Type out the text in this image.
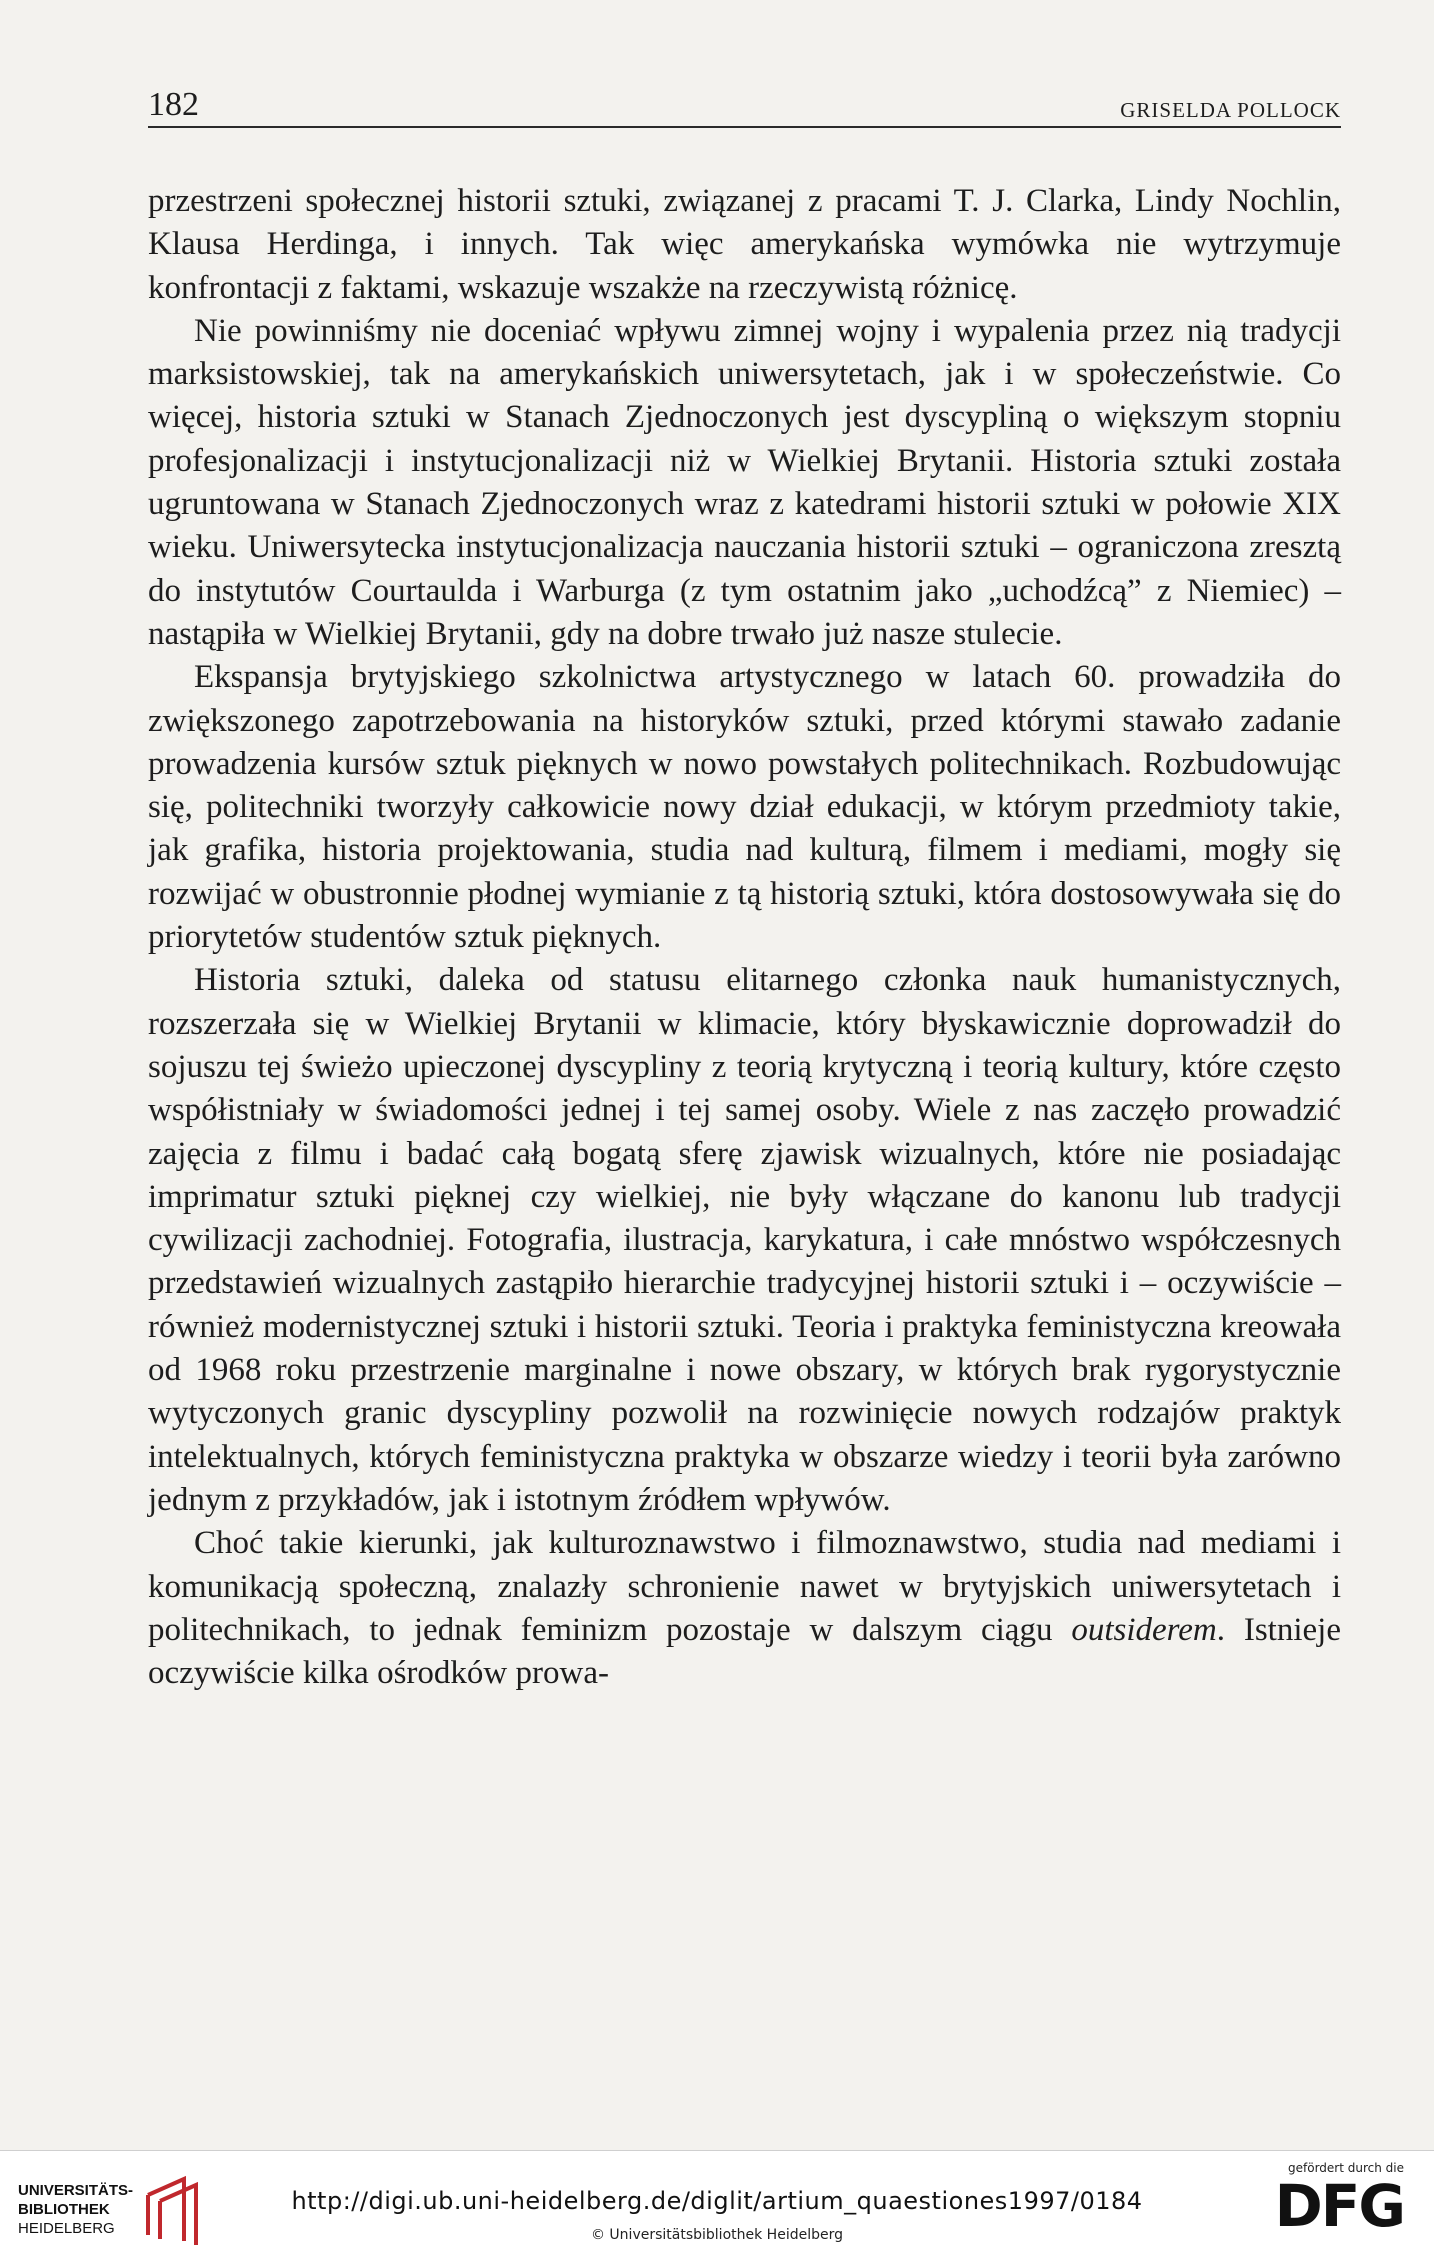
182	GRISELDA POLLOCK

przestrzeni społecznej historii sztuki, związanej z pracami T. J. Clarka, Lindy Nochlin, Klausa Herdinga, i innych. Tak więc amerykańska wymówka nie wytrzymuje konfrontacji z faktami, wskazuje wszakże na rzeczywistą różnicę.

Nie powinniśmy nie doceniać wpływu zimnej wojny i wypalenia przez nią tradycji marksistowskiej, tak na amerykańskich uniwersytetach, jak i w społeczeństwie. Co więcej, historia sztuki w Stanach Zjednoczonych jest dyscypliną o większym stopniu profesjonalizacji i instytucjonalizacji niż w Wielkiej Brytanii. Historia sztuki została ugruntowana w Stanach Zjednoczonych wraz z katedrami historii sztuki w połowie XIX wieku. Uniwersytecka instytucjonalizacja nauczania historii sztuki – ograniczona zresztą do instytutów Courtaulda i Warburga (z tym ostatnim jako „uchodźcą” z Niemiec) – nastąpiła w Wielkiej Brytanii, gdy na dobre trwało już nasze stulecie.

Ekspansja brytyjskiego szkolnictwa artystycznego w latach 60. prowadziła do zwiększonego zapotrzebowania na historyków sztuki, przed którymi stawało zadanie prowadzenia kursów sztuk pięknych w nowo powstałych politechnikach. Rozbudowując się, politechniki tworzyły całkowicie nowy dział edukacji, w którym przedmioty takie, jak grafika, historia projektowania, studia nad kulturą, filmem i mediami, mogły się rozwijać w obustronnie płodnej wymianie z tą historią sztuki, która dostosowywała się do priorytetów studentów sztuk pięknych.

Historia sztuki, daleka od statusu elitarnego członka nauk humanistycznych, rozszerzała się w Wielkiej Brytanii w klimacie, który błyskawicznie doprowadził do sojuszu tej świeżo upieczonej dyscypliny z teorią krytyczną i teorią kultury, które często współistniały w świadomości jednej i tej samej osoby. Wiele z nas zaczęło prowadzić zajęcia z filmu i badać całą bogatą sferę zjawisk wizualnych, które nie posiadając imprimatur sztuki pięknej czy wielkiej, nie były włączane do kanonu lub tradycji cywilizacji zachodniej. Fotografia, ilustracja, karykatura, i całe mnóstwo współczesnych przedstawień wizualnych zastąpiło hierarchie tradycyjnej historii sztuki i – oczywiście – również modernistycznej sztuki i historii sztuki. Teoria i praktyka feministyczna kreowała od 1968 roku przestrzenie marginalne i nowe obszary, w których brak rygorystycznie wytyczonych granic dyscypliny pozwolił na rozwinięcie nowych rodzajów praktyk intelektualnych, których feministyczna praktyka w obszarze wiedzy i teorii była zarówno jednym z przykładów, jak i istotnym źródłem wpływów.

Choć takie kierunki, jak kulturoznawstwo i filmoznawstwo, studia nad mediami i komunikacją społeczną, znalazły schronienie nawet w brytyjskich uniwersytetach i politechnikach, to jednak feminizm pozostaje w dalszym ciągu outsiderem. Istnieje oczywiście kilka ośrodków prowa-

UNIVERSITÄTS-
BIBLIOTHEK
HEIDELBERG
http://digi.ub.uni-heidelberg.de/diglit/artium_quaestiones1997/0184
© Universitätsbibliothek Heidelberg
gefördert durch die
DFG
